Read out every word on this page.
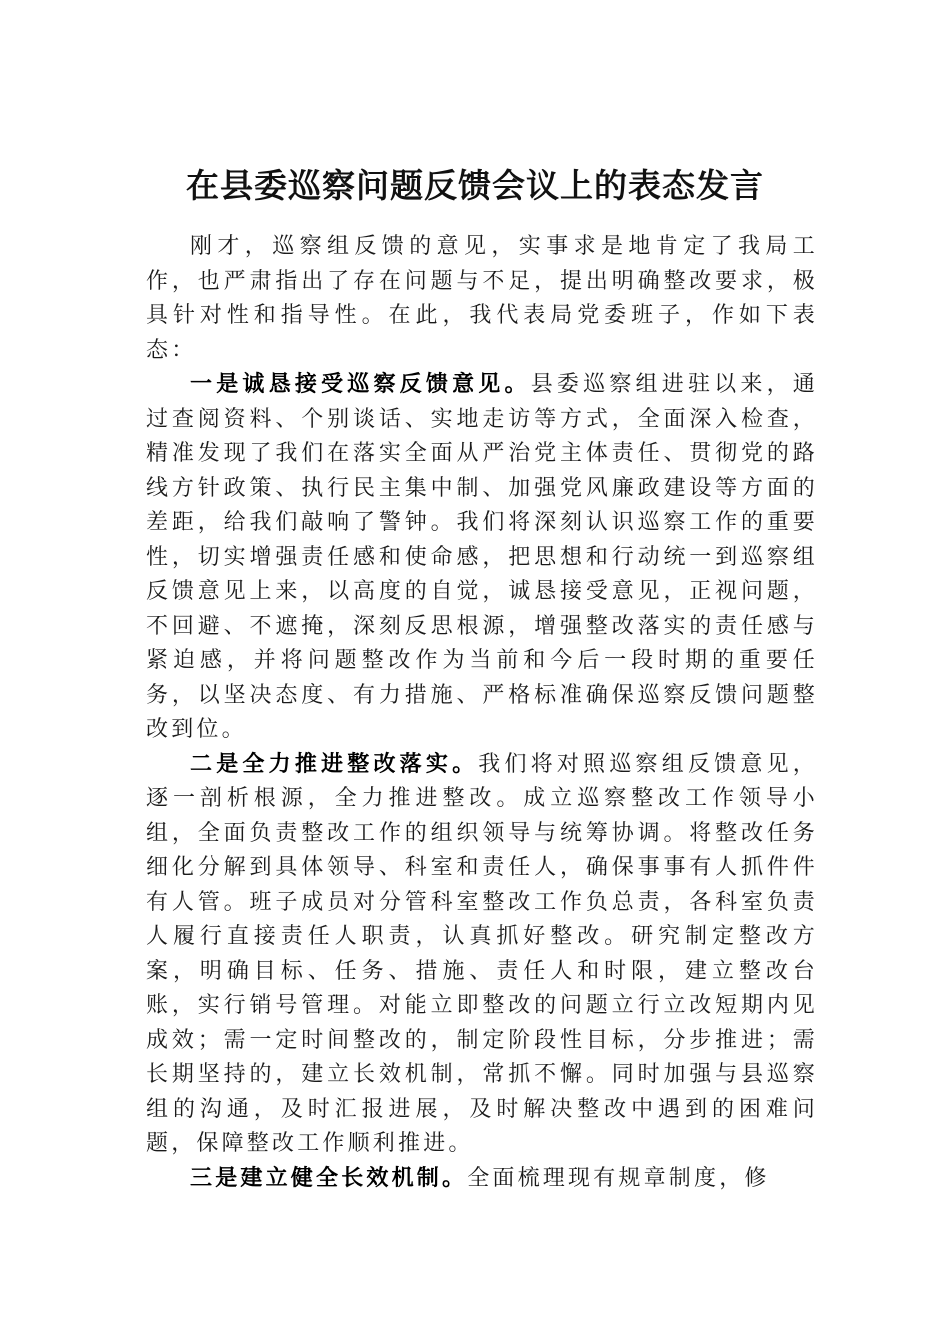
在县委巡察问题反馈会议上的表态发言

刚才，巡察组反馈的意见，实事求是地肯定了我局工作，也严肃指出了存在问题与不足，提出明确整改要求，极具针对性和指导性。在此，我代表局党委班子，作如下表态：

一是诚恳接受巡察反馈意见。县委巡察组进驻以来，通过查阅资料、个别谈话、实地走访等方式，全面深入检查，精准发现了我们在落实全面从严治党主体责任、贯彻党的路线方针政策、执行民主集中制、加强党风廉政建设等方面的差距，给我们敲响了警钟。我们将深刻认识巡察工作的重要性，切实增强责任感和使命感，把思想和行动统一到巡察组反馈意见上来，以高度的自觉，诚恳接受意见，正视问题，不回避、不遮掩，深刻反思根源，增强整改落实的责任感与紧迫感，并将问题整改作为当前和今后一段时期的重要任务，以坚决态度、有力措施、严格标准确保巡察反馈问题整改到位。

二是全力推进整改落实。我们将对照巡察组反馈意见，逐一剖析根源，全力推进整改。成立巡察整改工作领导小组，全面负责整改工作的组织领导与统筹协调。将整改任务细化分解到具体领导、科室和责任人，确保事事有人抓件件有人管。班子成员对分管科室整改工作负总责，各科室负责人履行直接责任人职责，认真抓好整改。研究制定整改方案，明确目标、任务、措施、责任人和时限，建立整改台账，实行销号管理。对能立即整改的问题立行立改短期内见成效；需一定时间整改的，制定阶段性目标，分步推进；需长期坚持的，建立长效机制，常抓不懈。同时加强与县巡察组的沟通，及时汇报进展，及时解决整改中遇到的困难问题，保障整改工作顺利推进。

三是建立健全长效机制。全面梳理现有规章制度，修
